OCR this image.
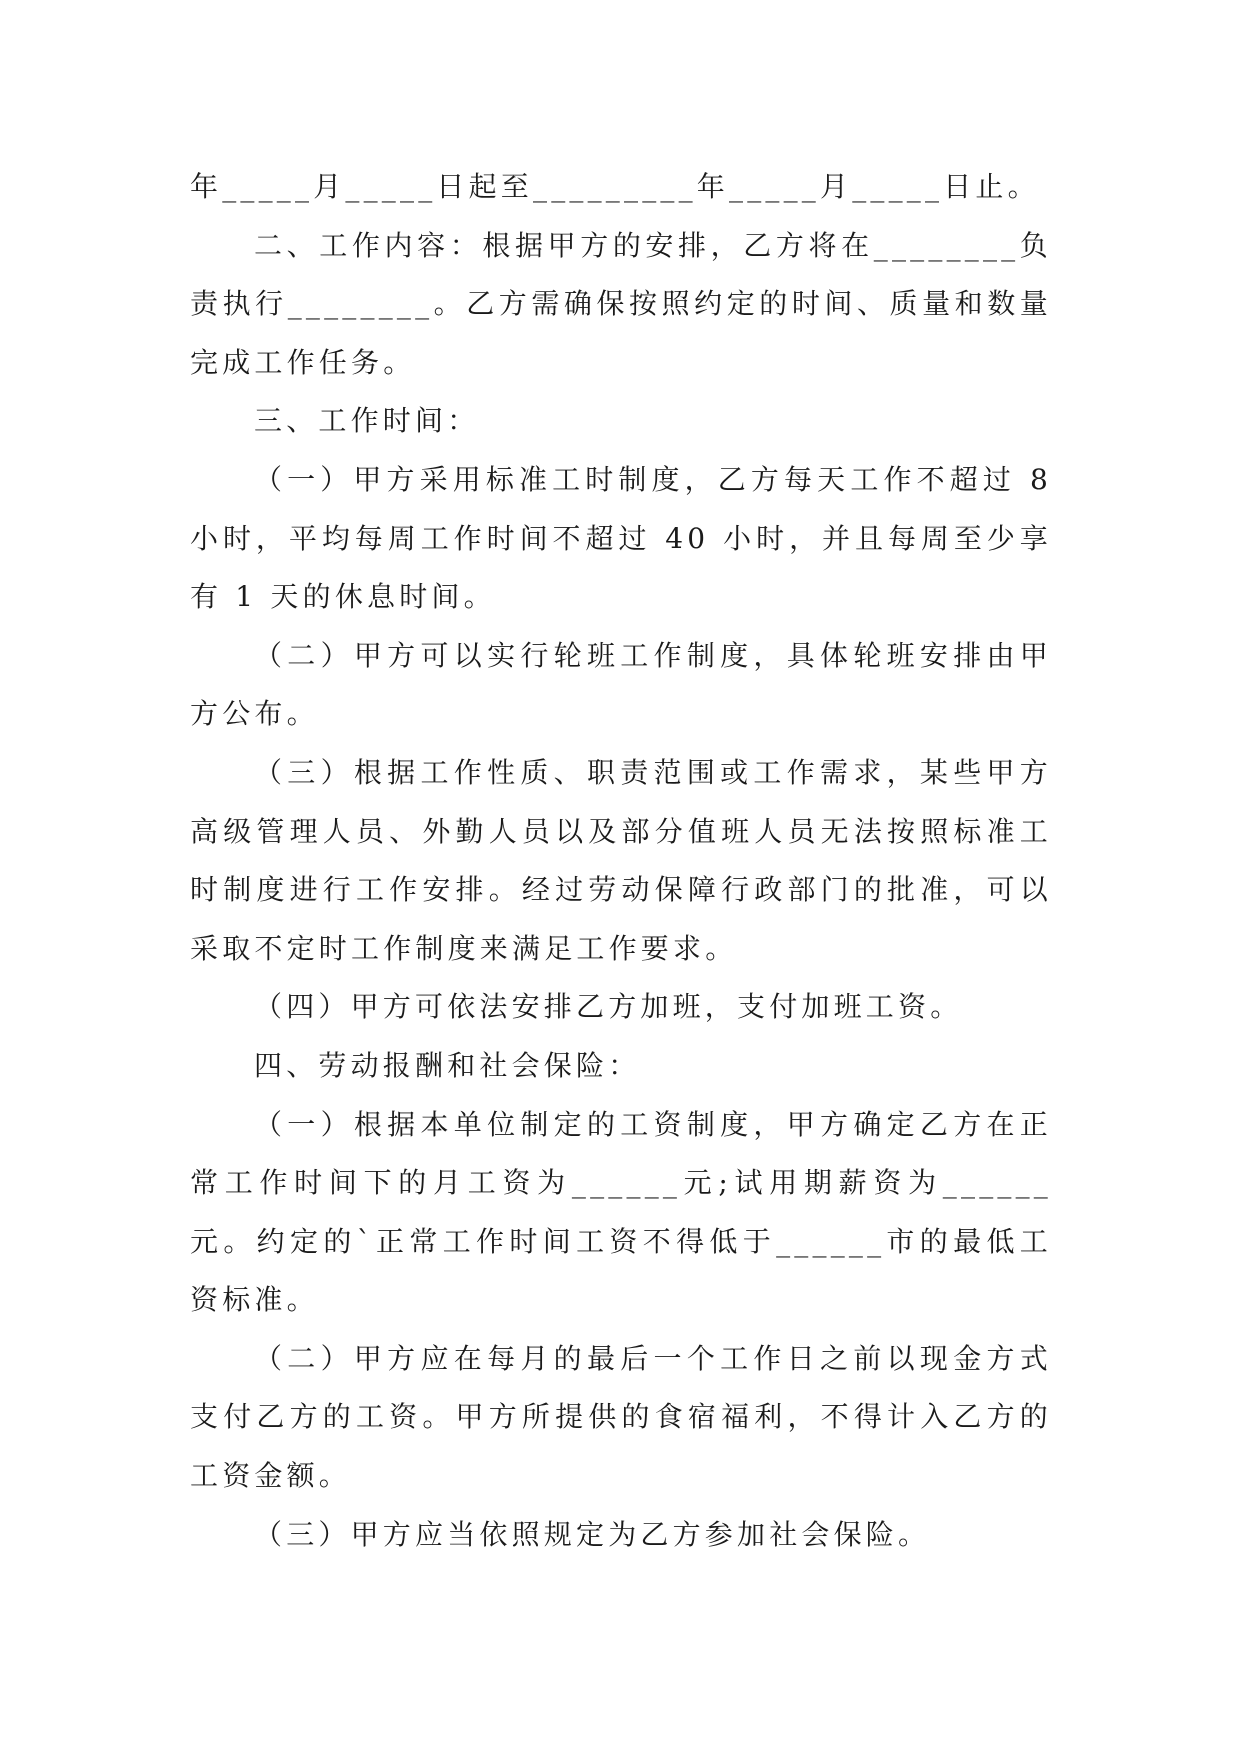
年_____月_____日起至_________年_____月_____日止。

二、工作内容：根据甲方的安排，乙方将在________负责执行________。乙方需确保按照约定的时间、质量和数量完成工作任务。

三、工作时间：

（一）甲方采用标准工时制度，乙方每天工作不超过 8 小时，平均每周工作时间不超过 40 小时，并且每周至少享有 1 天的休息时间。

（二）甲方可以实行轮班工作制度，具体轮班安排由甲方公布。

（三）根据工作性质、职责范围或工作需求，某些甲方高级管理人员、外勤人员以及部分值班人员无法按照标准工时制度进行工作安排。经过劳动保障行政部门的批准，可以采取不定时工作制度来满足工作要求。

（四）甲方可依法安排乙方加班，支付加班工资。

四、劳动报酬和社会保险：

（一）根据本单位制定的工资制度，甲方确定乙方在正常工作时间下的月工资为______元;试用期薪资为______元。约定的`正常工作时间工资不得低于______市的最低工资标准。

（二）甲方应在每月的最后一个工作日之前以现金方式支付乙方的工资。甲方所提供的食宿福利，不得计入乙方的工资金额。

（三）甲方应当依照规定为乙方参加社会保险。
